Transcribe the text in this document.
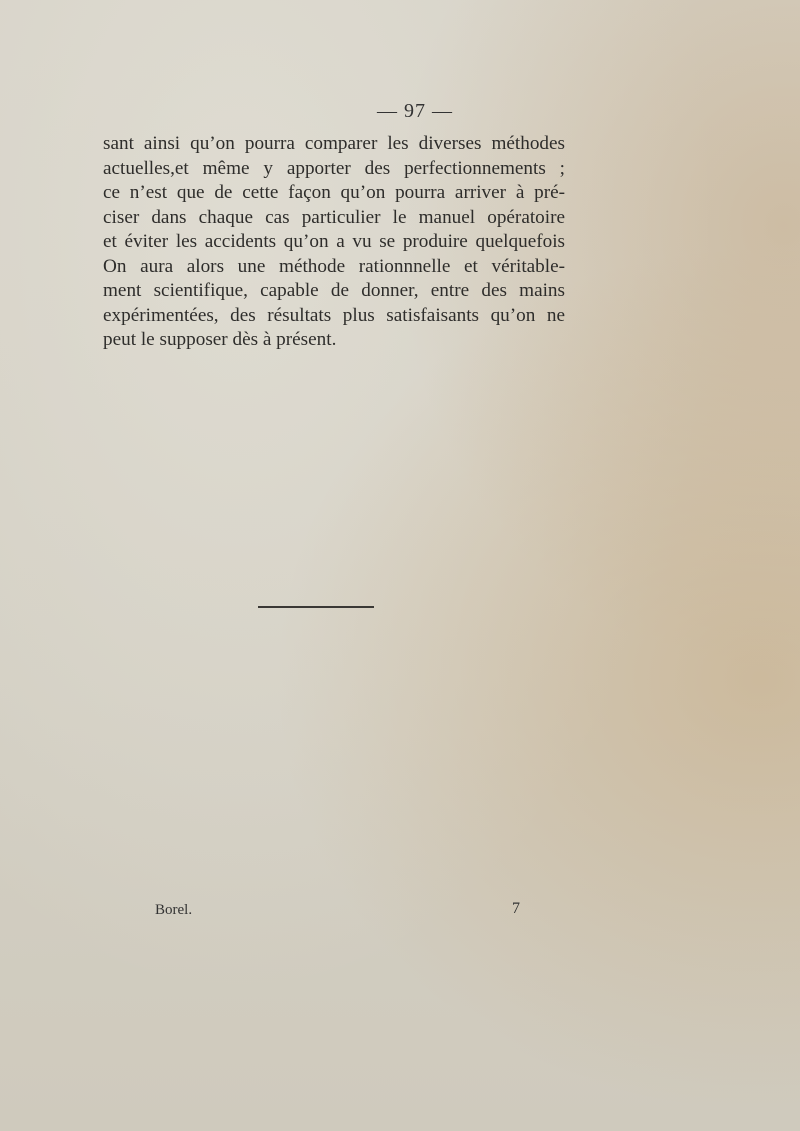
— 97 —
sant ainsi qu’on pourra comparer les diverses méthodes
actuelles,et même y apporter des perfectionnements ;
ce n’est que de cette façon qu’on pourra arriver à pré-
ciser dans chaque cas particulier le manuel opératoire
et éviter les accidents qu’on a vu se produire quelquefois
On aura alors une méthode rationnnelle et véritable-
ment scientifique, capable de donner, entre des mains
expérimentées, des résultats plus satisfaisants qu’on ne
peut le supposer dès à présent.
Borel.	7
